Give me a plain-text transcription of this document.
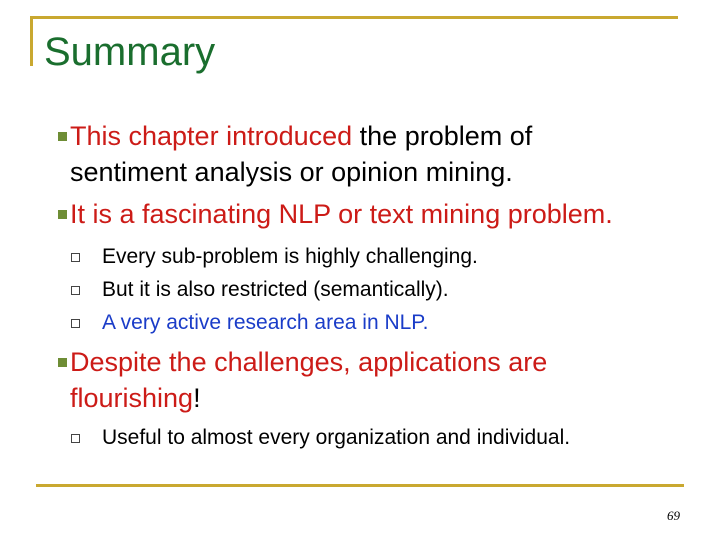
Summary
This chapter introduced the problem of
sentiment analysis or opinion mining.
It is a fascinating NLP or text mining problem.
Every sub-problem is highly challenging.
But it is also restricted (semantically).
A very active research area in NLP.
Despite the challenges, applications are
flourishing!
Useful to almost every organization and individual.
69
